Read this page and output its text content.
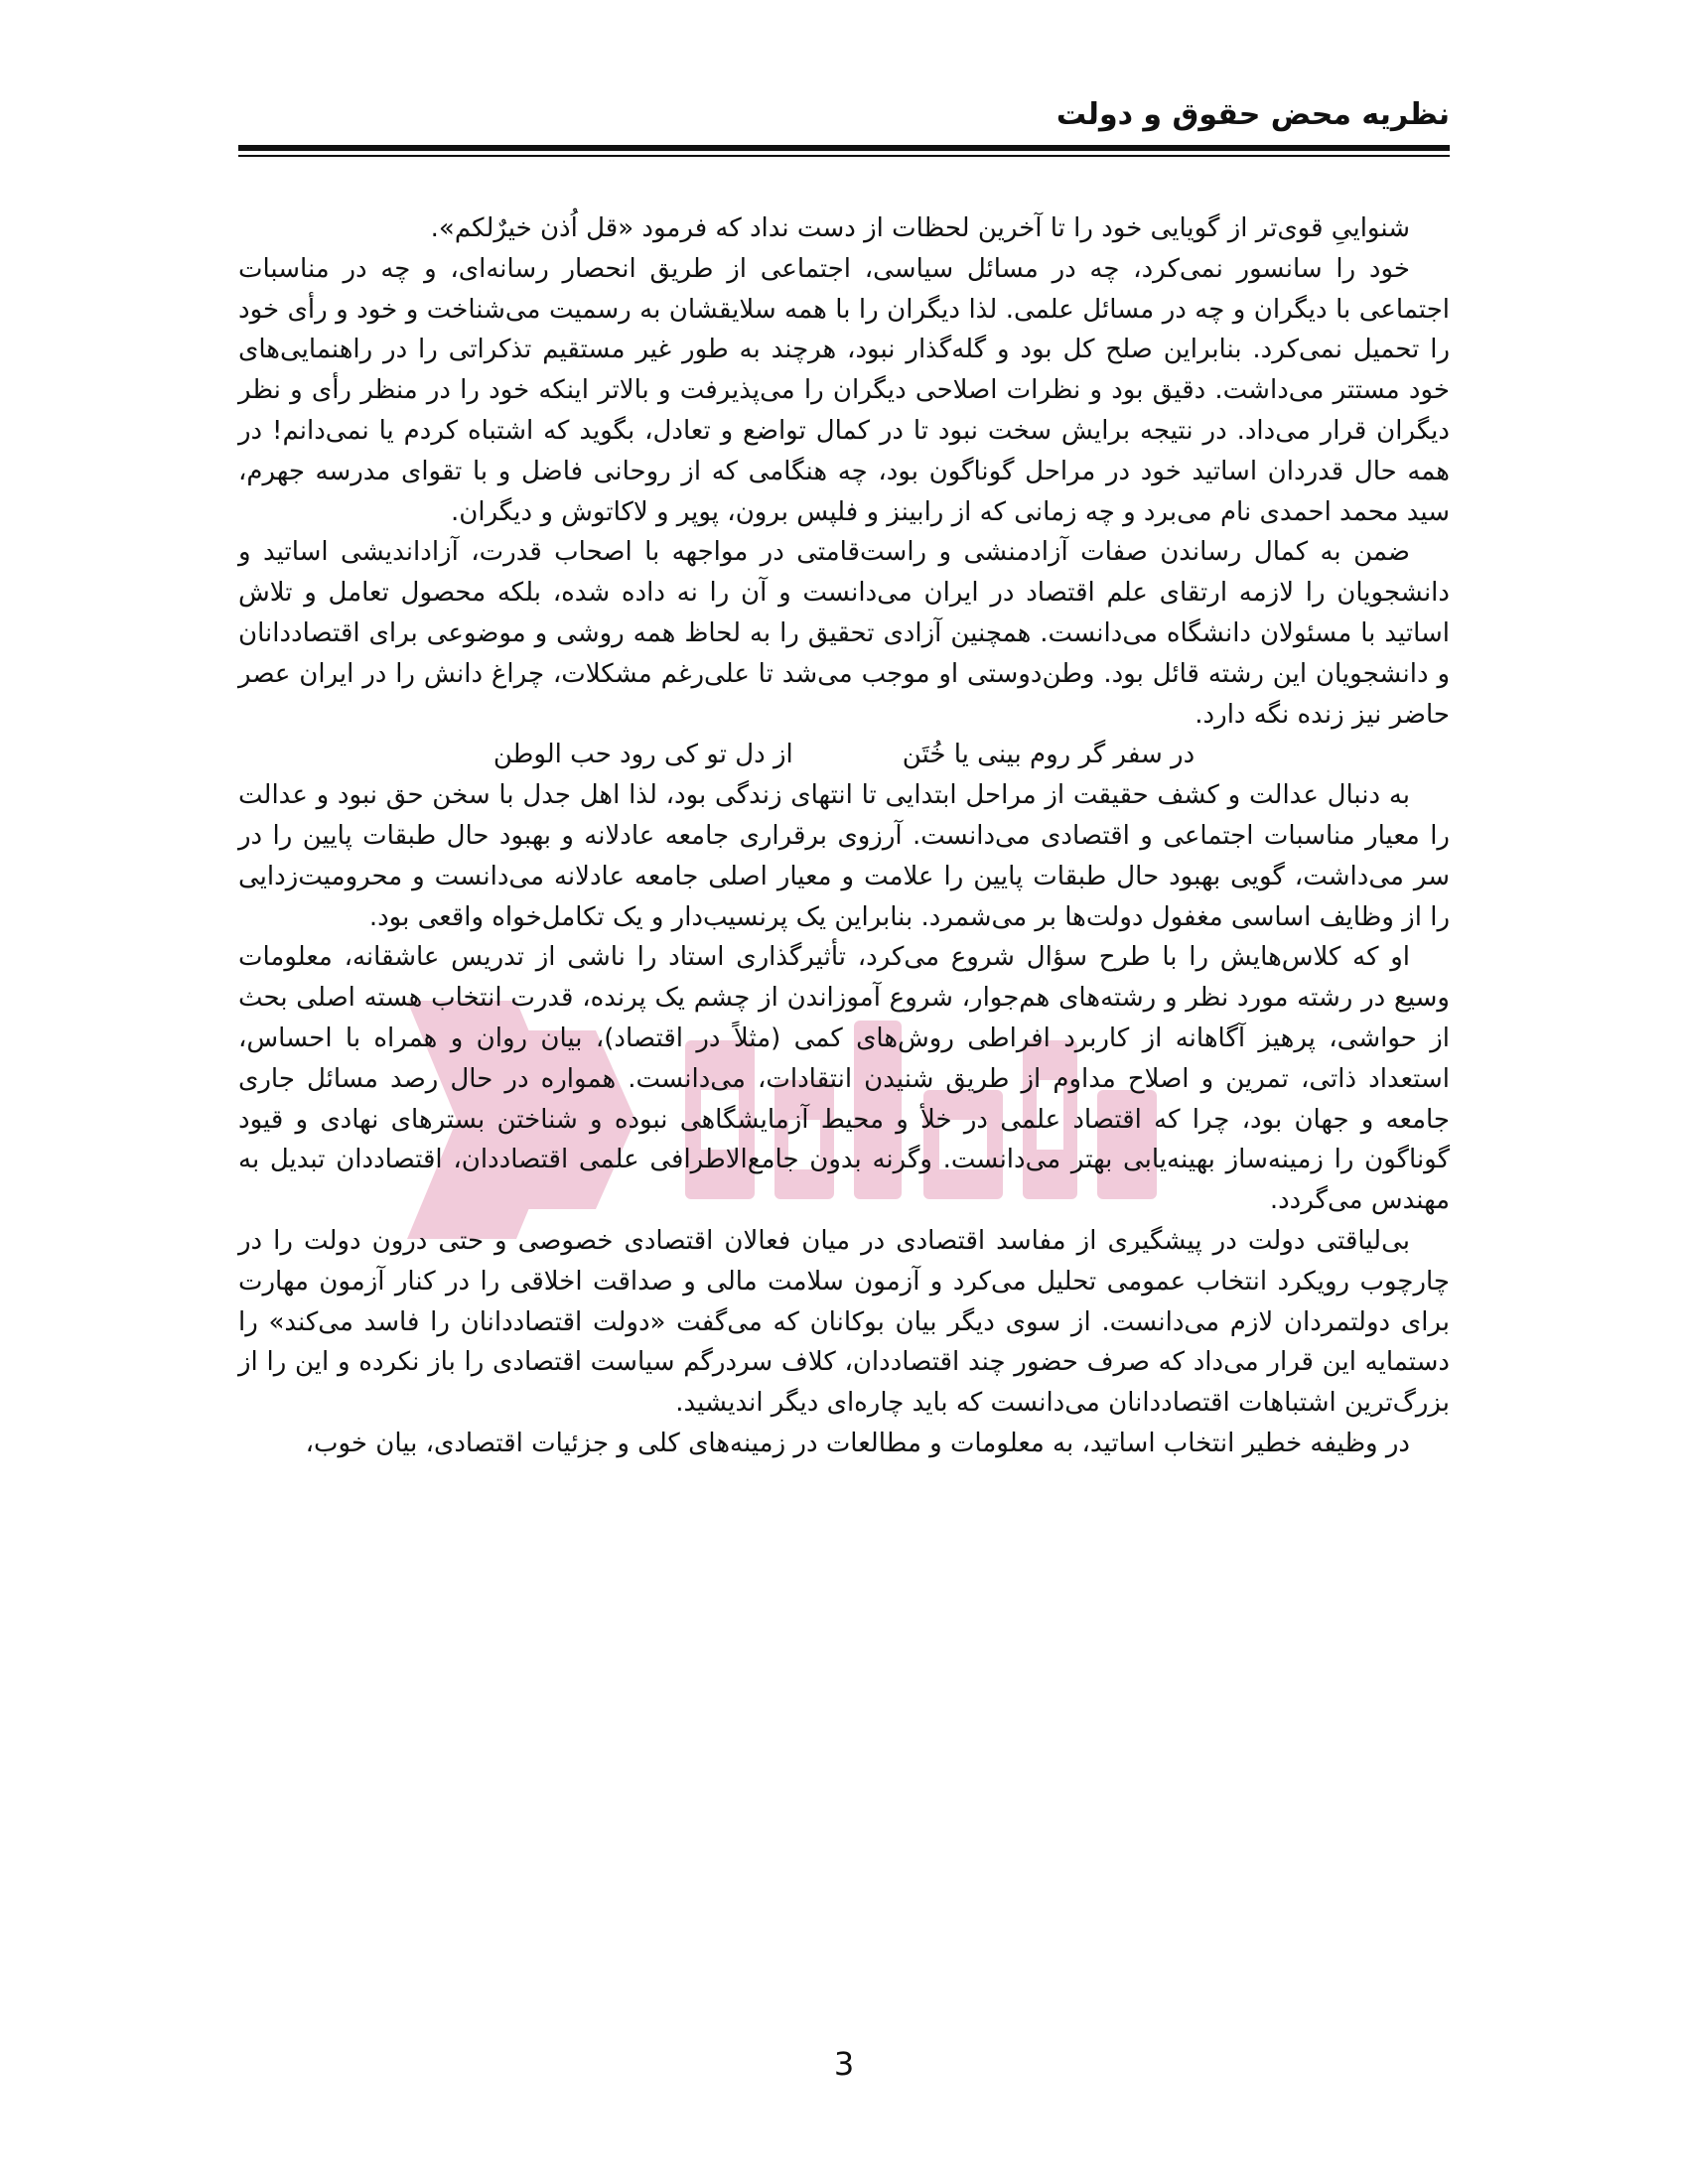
نظریه محض حقوق و دولت

شنواییِ قوی‌تر از گویایی خود را تا آخرین لحظات از دست نداد که فرمود «قل اُذن خیرٌلکم».

خود را سانسور نمی‌کرد، چه در مسائل سیاسی، اجتماعی از طریق انحصار رسانه‌ای، و چه در مناسبات اجتماعی با دیگران و چه در مسائل علمی. لذا دیگران را با همه سلایقشان به رسمیت می‌شناخت و خود و رأی خود را تحمیل نمی‌کرد. بنابراین صلح کل بود و گله‌گذار نبود، هرچند به طور غیر مستقیم تذکراتی را در راهنمایی‌های خود مستتر می‌داشت. دقیق بود و نظرات اصلاحی دیگران را می‌پذیرفت و بالاتر اینکه خود را در منظر رأی و نظر دیگران قرار می‌داد. در نتیجه برایش سخت نبود تا در کمال تواضع و تعادل، بگوید که اشتباه کردم یا نمی‌دانم! در همه حال قدردان اساتید خود در مراحل گوناگون بود، چه هنگامی که از روحانی فاضل و با تقوای مدرسه جهرم، سید محمد احمدی نام می‌برد و چه زمانی که از رابینز و فلپس برون، پوپر و لاکاتوش و دیگران.

ضمن به کمال رساندن صفات آزادمنشی و راست‌قامتی در مواجهه با اصحاب قدرت، آزاداندیشی اساتید و دانشجویان را لازمه ارتقای علم اقتصاد در ایران می‌دانست و آن را نه داده شده، بلکه محصول تعامل و تلاش اساتید با مسئولان دانشگاه می‌دانست. همچنین آزادی تحقیق را به لحاظ همه روشی و موضوعی برای اقتصاددانان و دانشجویان این رشته قائل بود. وطن‌دوستی او موجب می‌شد تا علی‌رغم مشکلات، چراغ دانش را در ایران عصر حاضر نیز زنده نگه دارد.

در سفر گر روم بینی یا خُتَن
از دل تو کی رود حب الوطن

به دنبال عدالت و کشف حقیقت از مراحل ابتدایی تا انتهای زندگی بود، لذا اهل جدل با سخن حق نبود و عدالت را معیار مناسبات اجتماعی و اقتصادی می‌دانست. آرزوی برقراری جامعه عادلانه و بهبود حال طبقات پایین را در سر می‌داشت، گویی بهبود حال طبقات پایین را علامت و معیار اصلی جامعه عادلانه می‌دانست و محرومیت‌زدایی را از وظایف اساسی مغفول دولت‌ها بر می‌شمرد. بنابراین یک پرنسیب‌دار و یک تکامل‌خواه واقعی بود.

او که کلاس‌هایش را با طرح سؤال شروع می‌کرد، تأثیرگذاری استاد را ناشی از تدریس عاشقانه، معلومات وسیع در رشته مورد نظر و رشته‌های هم‌جوار، شروع آموزاندن از چشم یک پرنده، قدرت انتخاب هسته اصلی بحث از حواشی، پرهیز آگاهانه از کاربرد افراطی روش‌های کمی (مثلاً در اقتصاد)، بیان روان و همراه با احساس، استعداد ذاتی، تمرین و اصلاح مداوم از طریق شنیدن انتقادات، می‌دانست. همواره در حال رصد مسائل جاری جامعه و جهان بود، چرا که اقتصاد علمی در خلأ و محیط آزمایشگاهی نبوده و شناختن بسترهای نهادی و قیود گوناگون را زمینه‌ساز بهینه‌یابی بهتر می‌دانست. وگرنه بدون جامع‌الاطرافی علمی اقتصاددان، اقتصاددان تبدیل به مهندس می‌گردد.

بی‌لیاقتی دولت در پیشگیری از مفاسد اقتصادی در میان فعالان اقتصادی خصوصی و حتی درون دولت را در چارچوب رویکرد انتخاب عمومی تحلیل می‌کرد و آزمون سلامت مالی و صداقت اخلاقی را در کنار آزمون مهارت برای دولتمردان لازم می‌دانست. از سوی دیگر بیان بوکانان که می‌گفت «دولت اقتصاددانان را فاسد می‌کند» را دستمایه این قرار می‌داد که صرف حضور چند اقتصاددان، کلاف سردرگم سیاست اقتصادی را باز نکرده و این را از بزرگ‌ترین اشتباهات اقتصاددانان می‌دانست که باید چاره‌ای دیگر اندیشید.

در وظیفه خطیر انتخاب اساتید، به معلومات و مطالعات در زمینه‌های کلی و جزئیات اقتصادی، بیان خوب،

3
